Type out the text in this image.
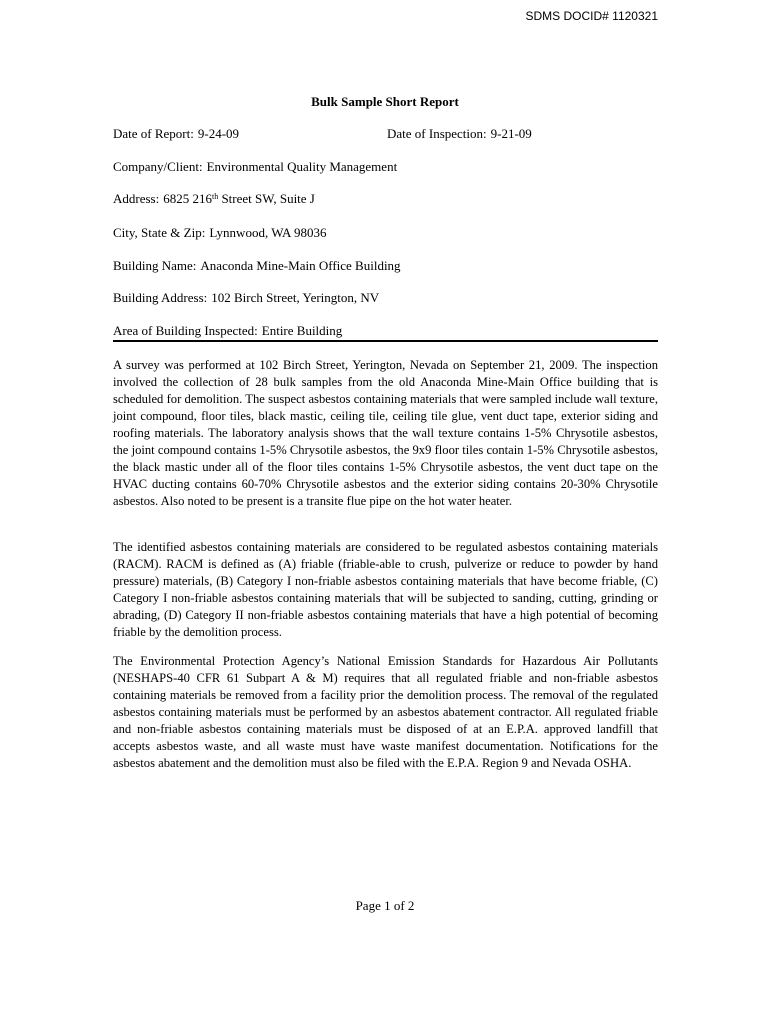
SDMS DOCID# 1120321
Bulk Sample Short Report
Date of Report: 9-24-09	Date of Inspection: 9-21-09
Company/Client: Environmental Quality Management
Address: 6825 216th Street SW, Suite J
City, State & Zip: Lynnwood, WA 98036
Building Name: Anaconda Mine-Main Office Building
Building Address: 102 Birch Street, Yerington, NV
Area of Building Inspected: Entire Building

A survey was performed at 102 Birch Street, Yerington, Nevada on September 21, 2009. The inspection involved the collection of 28 bulk samples from the old Anaconda Mine-Main Office building that is scheduled for demolition. The suspect asbestos containing materials that were sampled include wall texture, joint compound, floor tiles, black mastic, ceiling tile, ceiling tile glue, vent duct tape, exterior siding and roofing materials. The laboratory analysis shows that the wall texture contains 1-5% Chrysotile asbestos, the joint compound contains 1-5% Chrysotile asbestos, the 9x9 floor tiles contain 1-5% Chrysotile asbestos, the black mastic under all of the floor tiles contains 1-5% Chrysotile asbestos, the vent duct tape on the HVAC ducting contains 60-70% Chrysotile asbestos and the exterior siding contains 20-30% Chrysotile asbestos. Also noted to be present is a transite flue pipe on the hot water heater.

The identified asbestos containing materials are considered to be regulated asbestos containing materials (RACM). RACM is defined as (A) friable (friable-able to crush, pulverize or reduce to powder by hand pressure) materials, (B) Category I non-friable asbestos containing materials that have become friable, (C) Category I non-friable asbestos containing materials that will be subjected to sanding, cutting, grinding or abrading, (D) Category II non-friable asbestos containing materials that have a high potential of becoming friable by the demolition process.

The Environmental Protection Agency’s National Emission Standards for Hazardous Air Pollutants (NESHAPS-40 CFR 61 Subpart A & M) requires that all regulated friable and non-friable asbestos containing materials be removed from a facility prior the demolition process. The removal of the regulated asbestos containing materials must be performed by an asbestos abatement contractor. All regulated friable and non-friable asbestos containing materials must be disposed of at an E.P.A. approved landfill that accepts asbestos waste, and all waste must have waste manifest documentation. Notifications for the asbestos abatement and the demolition must also be filed with the E.P.A. Region 9 and Nevada OSHA.

Page 1 of 2
